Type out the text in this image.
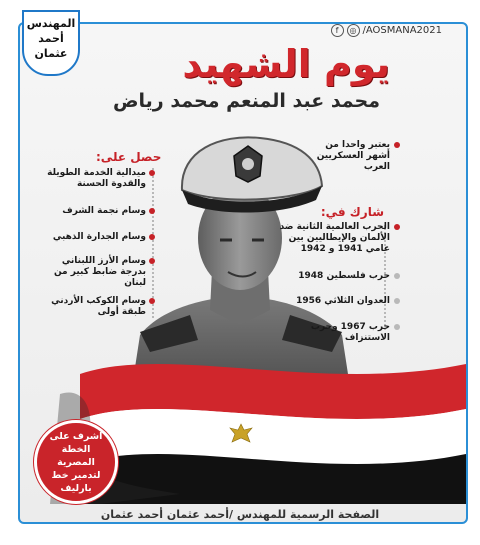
المهندس
أحمد
عثمان
f	◎ /AOSMANA2021
يوم الشهيد
محمد عبد المنعم محمد رياض
يعتبر واحدا من أشهر العسكريين العرب
شارك في:
الحرب العالمية الثانية ضد الألمان والإيطاليين بين عامي 1941 و 1942
حرب فلسطين 1948
العدوان الثلاثي 1956
حرب 1967 وحرب الاستنزاف
حصل على:
ميدالية الخدمة الطويلة والقدوة الحسنة
وسام نجمة الشرف
وسام الجدارة الذهبي
وسام الأرز اللبناني بدرجة ضابط كبير من لبنان
وسام الكوكب الأردني طبقة أولى
اشرف على الخطة المصرية لتدمير خط بارليف
الصفحة الرسمية للمهندس /أحمد عثمان أحمد عثمان
